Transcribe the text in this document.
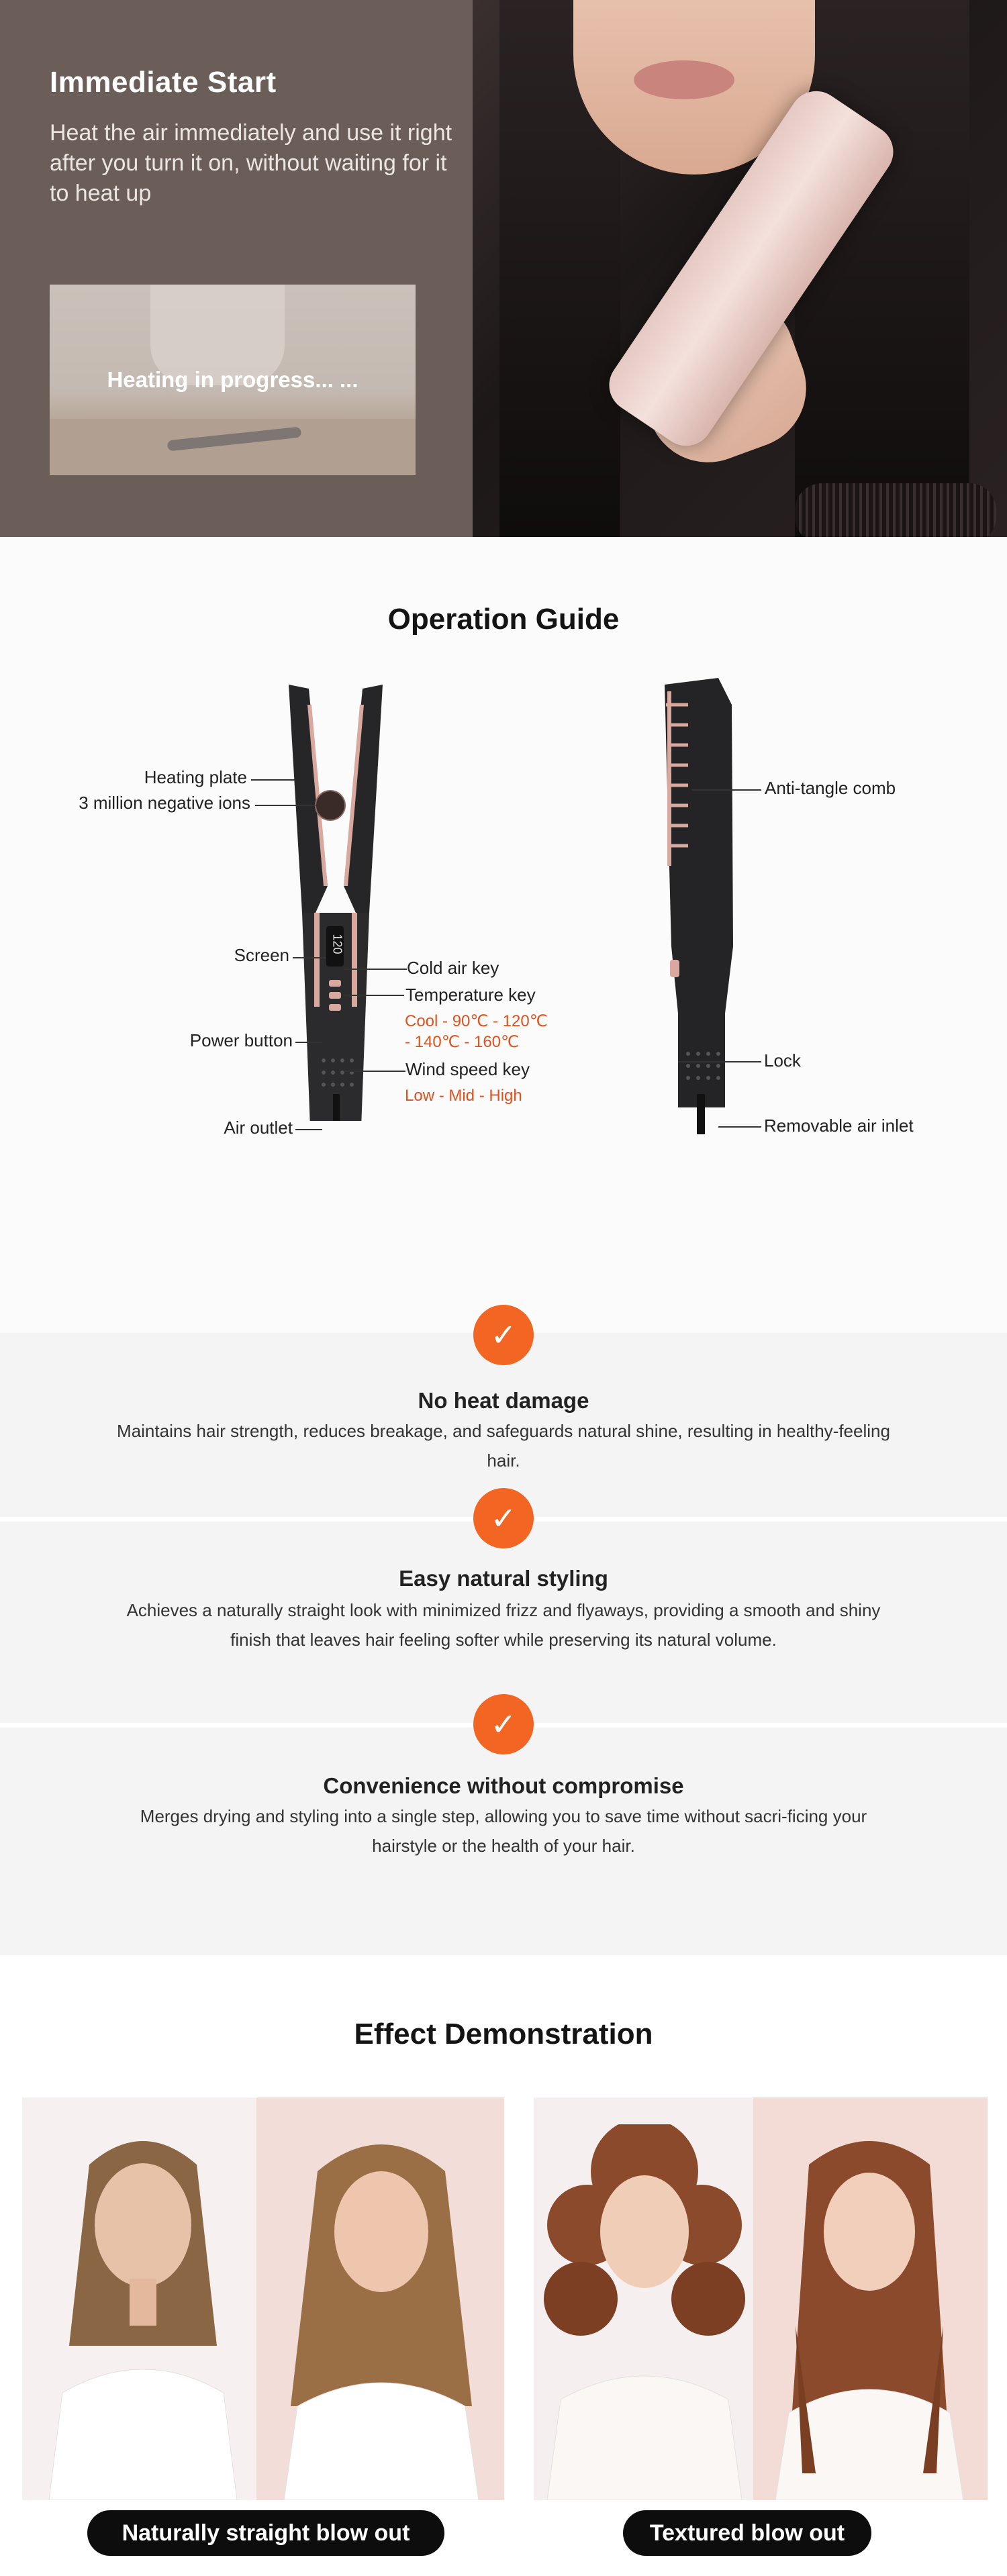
Immediate Start

Heat the air immediately and use it right after you turn it on, without waiting for it to heat up

Heating in progress... ...
Operation Guide
120
Heating plate
3 million negative ions
Screen
Power button
Air outlet
Cold air key
Temperature key
Cool - 90℃ - 120℃
- 140℃ - 160℃
Wind speed key
Low - Mid - High
Anti-tangle comb
Lock
Removable air inlet
✓
No heat damage

Maintains hair strength, reduces breakage, and safeguards natural shine, resulting in healthy-feeling hair.

✓
Easy natural styling

Achieves a naturally straight look with minimized frizz and flyaways, providing a smooth and shiny finish that leaves hair feeling softer while preserving its natural volume.

✓
Convenience without compromise

Merges drying and styling into a single step, allowing you to save time without sacri-ficing your hairstyle or the health of your hair.

Effect Demonstration
Naturally straight blow out	Textured blow out
